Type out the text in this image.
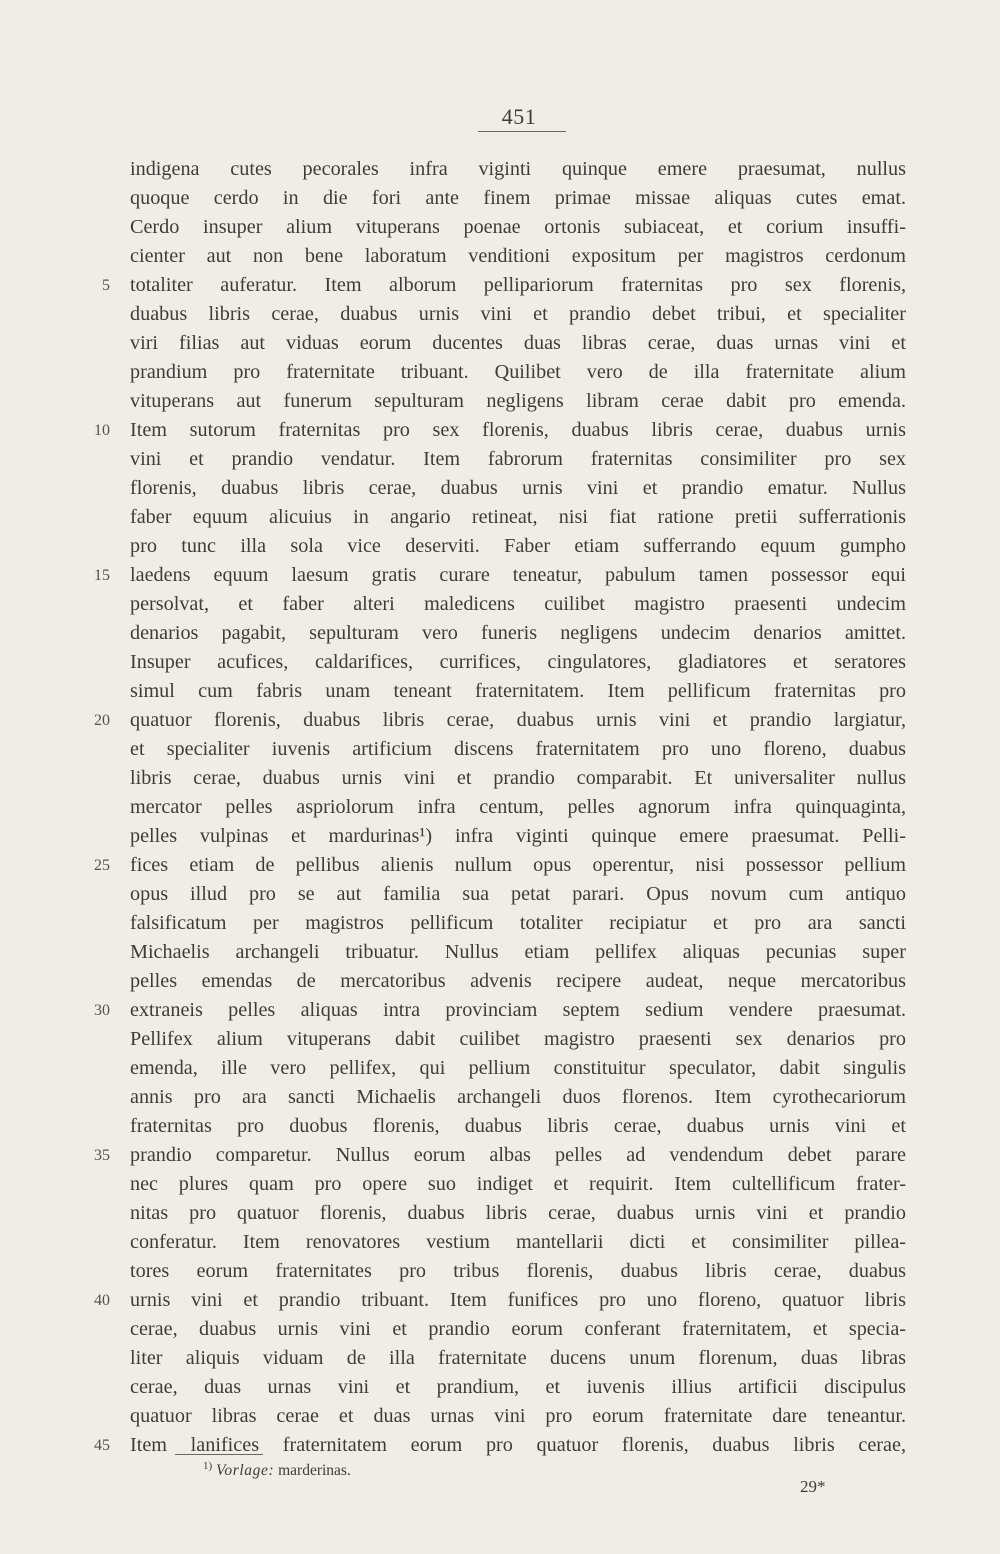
451
indigena cutes pecorales infra viginti quinque emere praesumat, nullus
quoque cerdo in die fori ante finem primae missae aliquas cutes emat.
Cerdo insuper alium vituperans poenae ortonis subiaceat, et corium insuffi-
cienter aut non bene laboratum venditioni expositum per magistros cerdonum
5 totaliter auferatur. Item alborum pellipariorum fraternitas pro sex florenis,
duabus libris cerae, duabus urnis vini et prandio debet tribui, et specialiter
viri filias aut viduas eorum ducentes duas libras cerae, duas urnas vini et
prandium pro fraternitate tribuant. Quilibet vero de illa fraternitate alium
vituperans aut funerum sepulturam negligens libram cerae dabit pro emenda.
10 Item sutorum fraternitas pro sex florenis, duabus libris cerae, duabus urnis
vini et prandio vendatur. Item fabrorum fraternitas consimiliter pro sex
florenis, duabus libris cerae, duabus urnis vini et prandio ematur. Nullus
faber equum alicuius in angario retineat, nisi fiat ratione pretii sufferrationis
pro tunc illa sola vice deserviti. Faber etiam sufferrando equum gumpho
15 laedens equum laesum gratis curare teneatur, pabulum tamen possessor equi
persolvat, et faber alteri maledicens cuilibet magistro praesenti undecim
denarios pagabit, sepulturam vero funeris negligens undecim denarios amittet.
Insuper acufices, caldarifices, currifices, cingulatores, gladiatores et seratores
simul cum fabris unam teneant fraternitatem. Item pellificum fraternitas pro
20 quatuor florenis, duabus libris cerae, duabus urnis vini et prandio largiatur,
et specialiter iuvenis artificium discens fraternitatem pro uno floreno, duabus
libris cerae, duabus urnis vini et prandio comparabit. Et universaliter nullus
mercator pelles aspriolorum infra centum, pelles agnorum infra quinquaginta,
pelles vulpinas et mardurinas¹) infra viginti quinque emere praesumat. Pelli-
25 fices etiam de pellibus alienis nullum opus operentur, nisi possessor pellium
opus illud pro se aut familia sua petat parari. Opus novum cum antiquo
falsificatum per magistros pellificum totaliter recipiatur et pro ara sancti
Michaelis archangeli tribuatur. Nullus etiam pellifex aliquas pecunias super
pelles emendas de mercatoribus advenis recipere audeat, neque mercatoribus
30 extraneis pelles aliquas intra provinciam septem sedium vendere praesumat.
Pellifex alium vituperans dabit cuilibet magistro praesenti sex denarios pro
emenda, ille vero pellifex, qui pellium constituitur speculator, dabit singulis
annis pro ara sancti Michaelis archangeli duos florenos. Item cyrothecariorum
fraternitas pro duobus florenis, duabus libris cerae, duabus urnis vini et
35 prandio comparetur. Nullus eorum albas pelles ad vendendum debet parare
nec plures quam pro opere suo indiget et requirit. Item cultellificum frater-
nitas pro quatuor florenis, duabus libris cerae, duabus urnis vini et prandio
conferatur. Item renovatores vestium mantellarii dicti et consimiliter pillea-
tores eorum fraternitates pro tribus florenis, duabus libris cerae, duabus
40 urnis vini et prandio tribuant. Item funifices pro uno floreno, quatuor libris
cerae, duabus urnis vini et prandio eorum conferant fraternitatem, et specia-
liter aliquis viduam de illa fraternitate ducens unum florenum, duas libras
cerae, duas urnas vini et prandium, et iuvenis illius artificii discipulus
quatuor libras cerae et duas urnas vini pro eorum fraternitate dare teneantur.
45 Item lanifices fraternitatem eorum pro quatuor florenis, duabus libris cerae,
$^{1)}$ Vorlage: marderinas.
29*
